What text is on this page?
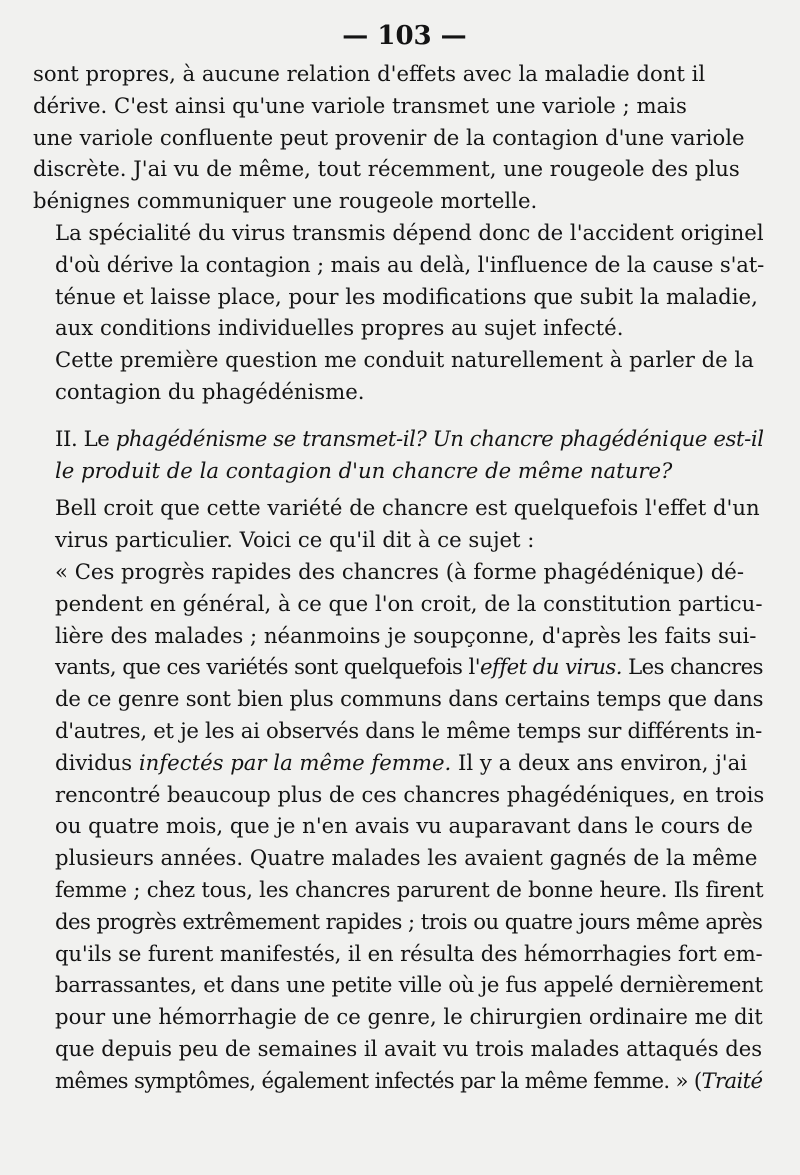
— 103 —

sont propres, à aucune relation d'effets avec la maladie dont il
dérive. C'est ainsi qu'une variole transmet une variole ; mais
une variole confluente peut provenir de la contagion d'une variole
discrète. J'ai vu de même, tout récemment, une rougeole des plus
bénignes communiquer une rougeole mortelle.

La spécialité du virus transmis dépend donc de l'accident originel
d'où dérive la contagion ; mais au delà, l'influence de la cause s'at-
ténue et laisse place, pour les modifications que subit la maladie,
aux conditions individuelles propres au sujet infecté.

Cette première question me conduit naturellement à parler de la
contagion du phagédénisme.

II. Le phagédénisme se transmet-il? Un chancre phagédénique est-il
le produit de la contagion d'un chancre de même nature?

Bell croit que cette variété de chancre est quelquefois l'effet d'un
virus particulier. Voici ce qu'il dit à ce sujet :

« Ces progrès rapides des chancres (à forme phagédénique) dé-
pendent en général, à ce que l'on croit, de la constitution particu-
lière des malades ; néanmoins je soupçonne, d'après les faits sui-
vants, que ces variétés sont quelquefois l'effet du virus. Les chancres
de ce genre sont bien plus communs dans certains temps que dans
d'autres, et je les ai observés dans le même temps sur différents in-
dividus infectés par la même femme. Il y a deux ans environ, j'ai
rencontré beaucoup plus de ces chancres phagédéniques, en trois
ou quatre mois, que je n'en avais vu auparavant dans le cours de
plusieurs années. Quatre malades les avaient gagnés de la même
femme ; chez tous, les chancres parurent de bonne heure. Ils firent
des progrès extrêmement rapides ; trois ou quatre jours même après
qu'ils se furent manifestés, il en résulta des hémorrhagies fort em-
barrassantes, et dans une petite ville où je fus appelé dernièrement
pour une hémorrhagie de ce genre, le chirurgien ordinaire me dit
que depuis peu de semaines il avait vu trois malades attaqués des
mêmes symptômes, également infectés par la même femme. » (Traité
